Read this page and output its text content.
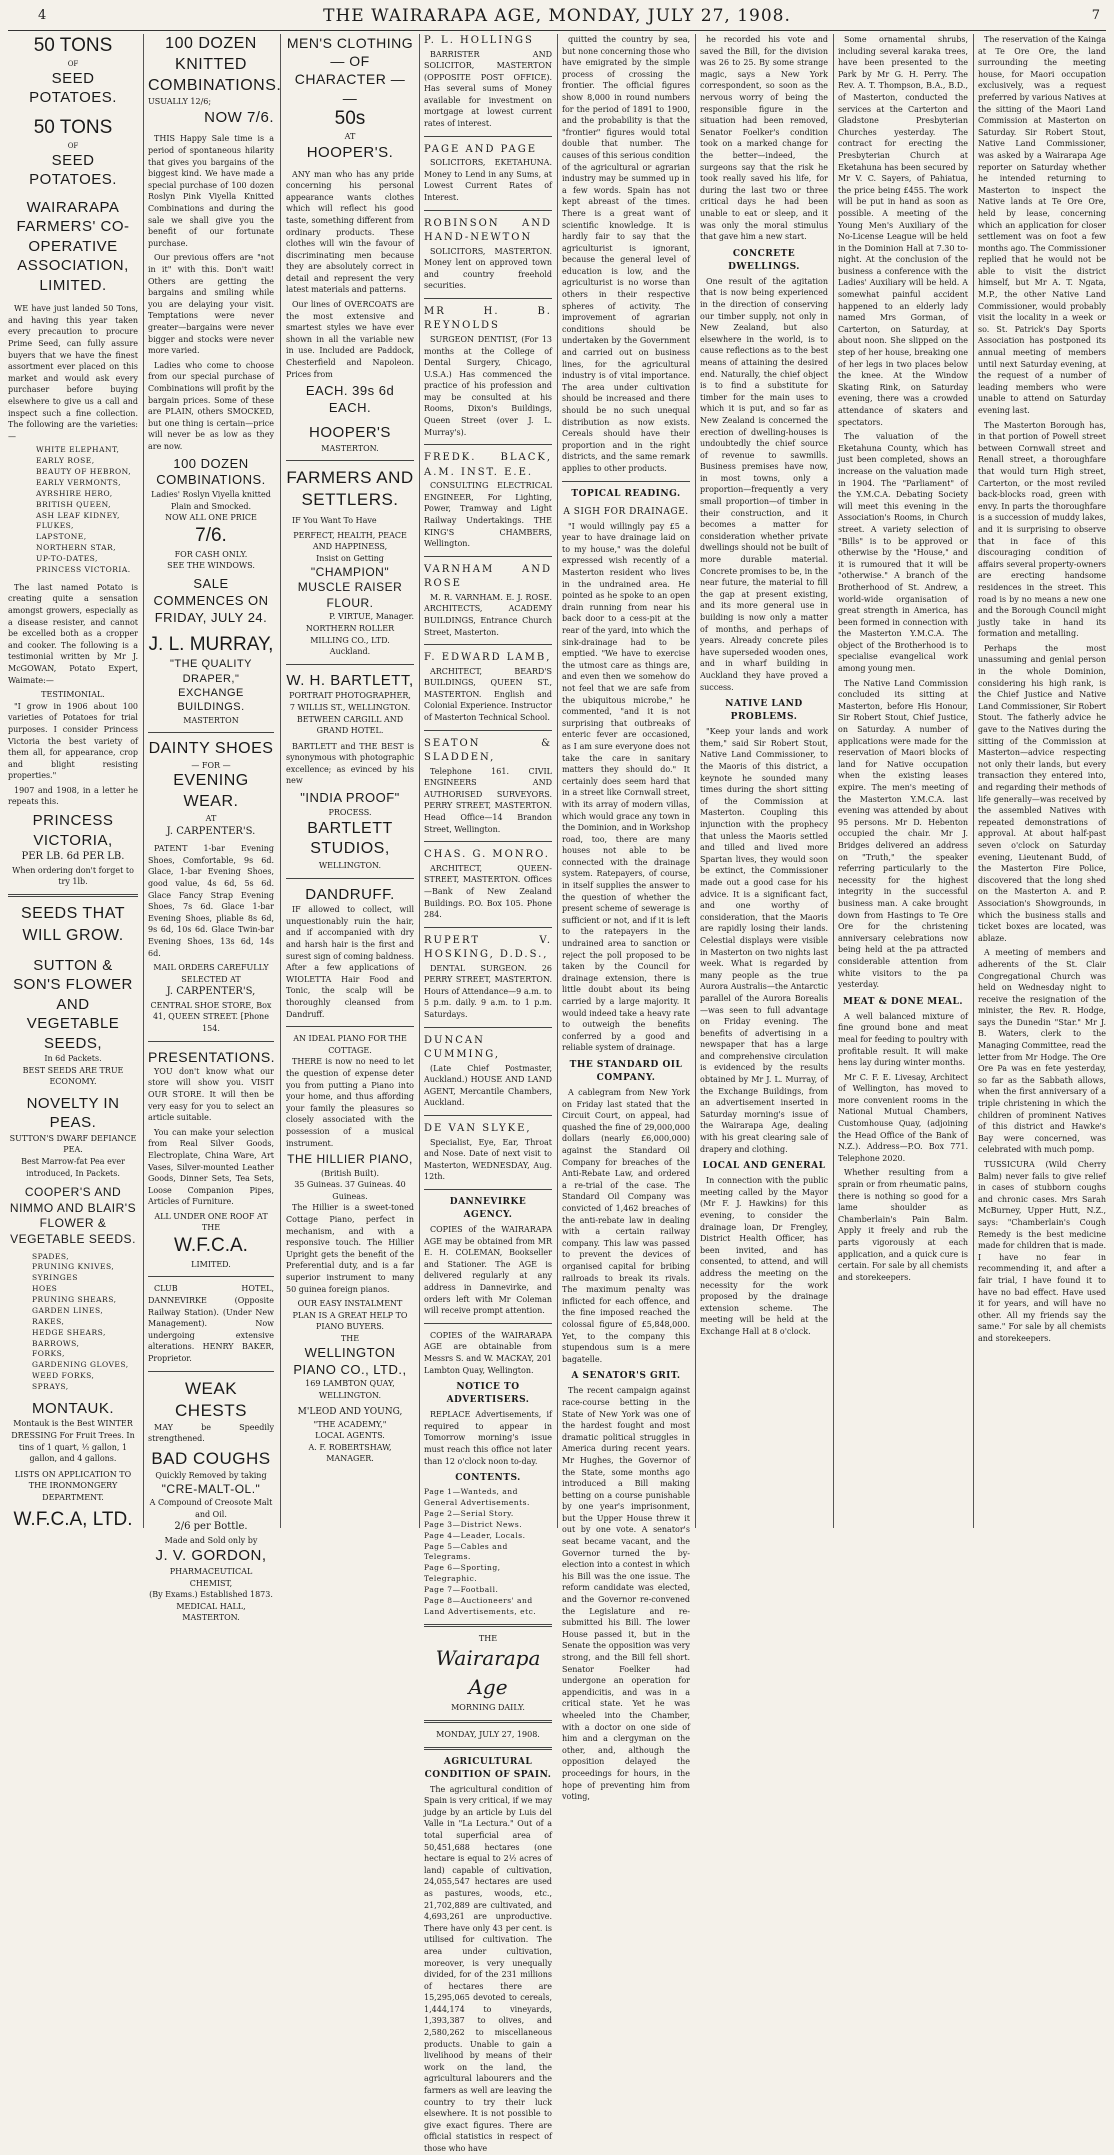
4	THE WAIRARAPA AGE, MONDAY, JULY 27, 1908.	7
50 TONS
OF
SEED POTATOES.
50 TONS
OF
SEED POTATOES.
WAIRARAPA FARMERS' CO-OPERATIVE ASSOCIATION, LIMITED.

WE have just landed 50 Tons, and having this year taken every precaution to procure Prime Seed, can fully assure buyers that we have the finest assortment ever placed on this market and would ask every purchaser before buying elsewhere to give us a call and inspect such a fine collection. The following are the varieties:—

WHITE ELEPHANT,
EARLY ROSE,
BEAUTY OF HEBRON,
EARLY VERMONTS,
AYRSHIRE HERO,
BRITISH QUEEN,
ASH LEAF KIDNEY,
FLUKES,
LAPSTONE,
NORTHERN STAR,
UP-TO-DATES,
PRINCESS VICTORIA.

The last named Potato is creating quite a sensation amongst growers, especially as a disease resister, and cannot be excelled both as a cropper and cooker. The following is a testimonial written by Mr J. McGOWAN, Potato Expert, Waimate:—

TESTIMONIAL.

"I grow in 1906 about 100 varieties of Potatoes for trial purposes. I consider Princess Victoria the best variety of them all, for appearance, crop and blight resisting properties."

1907 and 1908, in a letter he repeats this.

PRINCESS VICTORIA,
PER LB. 6d PER LB.
When ordering don't forget to try 1lb.
SEEDS THAT WILL GROW.
SUTTON & SON'S FLOWER AND VEGETABLE SEEDS,
In 6d Packets.
BEST SEEDS ARE TRUE ECONOMY.
NOVELTY IN PEAS.
SUTTON'S DWARF DEFIANCE PEA.
Best Marrow-fat Pea ever introduced, In Packets.
COOPER'S AND NIMMO AND BLAIR'S FLOWER & VEGETABLE SEEDS.
SPADES,
PRUNING KNIVES,
SYRINGES
HOES
PRUNING SHEARS,
GARDEN LINES,
RAKES,
HEDGE SHEARS,
BARROWS,
FORKS,
GARDENING GLOVES,
WEED FORKS,
SPRAYS,
MONTAUK.
Montauk is the Best WINTER DRESSING For Fruit Trees. In tins of 1 quart, ½ gallon, 1 gallon, and 4 gallons.
LISTS ON APPLICATION TO THE IRONMONGERY DEPARTMENT.
W.F.C.A, LTD.
100 DOZEN KNITTED COMBINATIONS.
USUALLY 12/6;
NOW 7/6.

THIS Happy Sale time is a period of spontaneous hilarity that gives you bargains of the biggest kind. We have made a special purchase of 100 dozen Roslyn Pink Viyella Knitted Combinations and during the sale we shall give you the benefit of our fortunate purchase.

Our previous offers are "not in it" with this. Don't wait! Others are getting the bargains and smiling while you are delaying your visit. Temptations were never greater—bargains were never bigger and stocks were never more varied.

Ladies who come to choose from our special purchase of Combinations will profit by the bargain prices. Some of these are PLAIN, others SMOCKED, but one thing is certain—price will never be as low as they are now.

100 DOZEN COMBINATIONS.
Ladies' Roslyn Viyella knitted Plain and Smocked.
NOW ALL ONE PRICE
7/6.
FOR CASH ONLY.
SEE THE WINDOWS.
SALE COMMENCES ON FRIDAY, JULY 24.
J. L. MURRAY,
"THE QUALITY DRAPER," EXCHANGE BUILDINGS.
MASTERTON
DAINTY SHOES
— FOR —
EVENING WEAR.
AT
J. CARPENTER'S.

PATENT 1-bar Evening Shoes, Comfortable, 9s 6d. Glace, 1-bar Evening Shoes, good value, 4s 6d, 5s 6d. Glace Fancy Strap Evening Shoes, 7s 6d. Glace 1-bar Evening Shoes, pliable 8s 6d, 9s 6d, 10s 6d. Glace Twin-bar Evening Shoes, 13s 6d, 14s 6d.

MAIL ORDERS CAREFULLY SELECTED AT
J. CARPENTER'S,
CENTRAL SHOE STORE, Box 41, QUEEN STREET. [Phone 154.
PRESENTATIONS.

YOU don't know what our store will show you. VISIT OUR STORE. It will then be very easy for you to select an article suitable.

You can make your selection from Real Silver Goods, Electroplate, China Ware, Art Vases, Silver-mounted Leather Goods, Dinner Sets, Tea Sets, Loose Companion Pipes, Articles of Furniture.

ALL UNDER ONE ROOF AT THE
W.F.C.A.
LIMITED.

CLUB HOTEL, DANNEVIRKE (Opposite Railway Station). (Under New Management). Now undergoing extensive alterations. HENRY BAKER, Proprietor.

WEAK CHESTS

MAY be Speedily strengthened.

BAD COUGHS
Quickly Removed by taking
"CRE-MALT-OL."
A Compound of Creosote Malt and Oil.
2/6 per Bottle.
Made and Sold only by
J. V. GORDON,
PHARMACEUTICAL CHEMIST,
(By Exams.) Established 1873.
MEDICAL HALL, MASTERTON.
MEN'S CLOTHING — OF CHARACTER — —
50s
AT
HOOPER'S.

ANY man who has any pride concerning his personal appearance wants clothes which will reflect his good taste, something different from ordinary products. These clothes will win the favour of discriminating men because they are absolutely correct in detail and represent the very latest materials and patterns.

Our lines of OVERCOATS are the most extensive and smartest styles we have ever shown in all the variable new in use. Included are Paddock, Chesterfield and Napoleon. Prices from

EACH. 39s 6d EACH.
HOOPER'S
MASTERTON.
FARMERS AND SETTLERS.

IF You Want To Have

PERFECT, HEALTH, PEACE AND HAPPINESS,
Insist on Getting
"CHAMPION" MUSCLE RAISER FLOUR.
P. VIRTUE, Manager.
NORTHERN ROLLER MILLING CO., LTD.
Auckland.
W. H. BARTLETT,
PORTRAIT PHOTOGRAPHER,
7 WILLIS ST., WELLINGTON.
BETWEEN CARGILL AND GRAND HOTEL.

BARTLETT and THE BEST is synonymous with photographic excellence; as evinced by his new

"INDIA PROOF"
PROCESS.
BARTLETT STUDIOS,
WELLINGTON.
DANDRUFF.

IF allowed to collect, will unquestionably ruin the hair, and if accompanied with dry and harsh hair is the first and surest sign of coming baldness. After a few applications of WIOLETTA Hair Food and Tonic, the scalp will be thoroughly cleansed from Dandruff.

AN IDEAL PIANO FOR THE COTTAGE.

THERE is now no need to let the question of expense deter you from putting a Piano into your home, and thus affording your family the pleasures so closely associated with the possession of a musical instrument.

THE HILLIER PIANO,
(British Built).
35 Guineas. 37 Guineas. 40 Guineas.

The Hillier is a sweet-toned Cottage Piano, perfect in mechanism, and with a responsive touch. The Hillier Upright gets the benefit of the Preferential duty, and is a far superior instrument to many 50 guinea foreign pianos.

OUR EASY INSTALMENT PLAN IS A GREAT HELP TO PIANO BUYERS.
THE
WELLINGTON PIANO CO., LTD.,
169 LAMBTON QUAY, WELLINGTON.
M'LEOD AND YOUNG,
"THE ACADEMY,"
LOCAL AGENTS.
A. F. ROBERTSHAW, MANAGER.
P. L. HOLLINGS

BARRISTER AND SOLICITOR, MASTERTON (OPPOSITE POST OFFICE). Has several sums of Money available for investment on mortgage at lowest current rates of interest.

PAGE AND PAGE

SOLICITORS, EKETAHUNA. Money to Lend in any Sums, at Lowest Current Rates of Interest.

ROBINSON AND HAND-NEWTON

SOLICITORS, MASTERTON. Money lent on approved town and country freehold securities.

MR H. B. REYNOLDS

SURGEON DENTIST, (For 13 months at the College of Dental Surgery, Chicago, U.S.A.) Has commenced the practice of his profession and may be consulted at his Rooms, Dixon's Buildings, Queen Street (over J. L. Murray's).

FREDK. BLACK, A.M. INST. E.E.

CONSULTING ELECTRICAL ENGINEER, For Lighting, Power, Tramway and Light Railway Undertakings. THE KING'S CHAMBERS, Wellington.

VARNHAM AND ROSE

M. R. VARNHAM. E. J. ROSE. ARCHITECTS, ACADEMY BUILDINGS, Entrance Church Street, Masterton.

F. EDWARD LAMB,

ARCHITECT, BEARD'S BUILDINGS, QUEEN ST., MASTERTON. English and Colonial Experience. Instructor of Masterton Technical School.

SEATON & SLADDEN,

Telephone 161. CIVIL ENGINEERS AND AUTHORISED SURVEYORS. PERRY STREET, MASTERTON. Head Office—14 Brandon Street, Wellington.

CHAS. G. MONRO.

ARCHITECT, QUEEN-STREET, MASTERTON. Offices—Bank of New Zealand Buildings. P.O. Box 105. Phone 284.

RUPERT V. HOSKING, D.D.S.,

DENTAL SURGEON. 26 PERRY STREET, MASTERTON. Hours of Attendance—9 a.m. to 5 p.m. daily. 9 a.m. to 1 p.m. Saturdays.

DUNCAN CUMMING,

(Late Chief Postmaster, Auckland.) HOUSE AND LAND AGENT, Mercantile Chambers, Auckland.

DE VAN SLYKE,

Specialist, Eye, Ear, Throat and Nose. Date of next visit to Masterton, WEDNESDAY, Aug. 12th.

DANNEVIRKE AGENCY.

COPIES of the WAIRARAPA AGE may be obtained from MR E. H. COLEMAN, Bookseller and Stationer. The AGE is delivered regularly at any address in Dannevirke, and orders left with Mr Coleman will receive prompt attention.

COPIES of the WAIRARAPA AGE are obtainable from Messrs S. and W. MACKAY, 201 Lambton Quay, Wellington.

NOTICE TO ADVERTISERS.

REPLACE Advertisements, if required to appear in Tomorrow morning's issue must reach this office not later than 12 o'clock noon to-day.

CONTENTS.
Page 1—Wanteds, and General Advertisements.
Page 2—Serial Story.
Page 3—District News.
Page 4—Leader, Locals.
Page 5—Cables and Telegrams.
Page 6—Sporting, Telegraphic.
Page 7—Football.
Page 8—Auctioneers' and Land Advertisements, etc.
THE
Wairarapa Age
MORNING DAILY.
MONDAY, JULY 27, 1908.
AGRICULTURAL CONDITION OF SPAIN.

The agricultural condition of Spain is very critical, if we may judge by an article by Luis del Valle in "La Lectura." Out of a total superficial area of 50,451,688 hectares (one hectare is equal to 2½ acres of land) capable of cultivation, 24,055,547 hectares are used as pastures, woods, etc., 21,702,889 are cultivated, and 4,693,261 are unproductive. There have only 43 per cent. is utilised for cultivation. The area under cultivation, moreover, is very unequally divided, for of the 231 millions of hectares there are 15,295,065 devoted to cereals, 1,444,174 to vineyards, 1,393,387 to olives, and 2,580,262 to miscellaneous products. Unable to gain a livelihood by means of their work on the land, the agricultural labourers and the farmers as well are leaving the country to try their luck elsewhere. It is not possible to give exact figures. There are official statistics in respect of those who have

quitted the country by sea, but none concerning those who have emigrated by the simple process of crossing the frontier. The official figures show 8,000 in round numbers for the period of 1891 to 1900, and the probability is that the "frontier" figures would total double that number. The causes of this serious condition of the agricultural or agrarian industry may be summed up in a few words. Spain has not kept abreast of the times. There is a great want of scientific knowledge. It is hardly fair to say that the agriculturist is ignorant, because the general level of education is low, and the agriculturist is no worse than others in their respective spheres of activity. The improvement of agrarian conditions should be undertaken by the Government and carried out on business lines, for the agricultural industry is of vital importance. The area under cultivation should be increased and there should be no such unequal distribution as now exists. Cereals should have their proportion and in the right districts, and the same remark applies to other products.

TOPICAL READING.
A SIGH FOR DRAINAGE.

"I would willingly pay £5 a year to have drainage laid on to my house," was the doleful expressed wish recently of a Masterton resident who lives in the undrained area. He pointed as he spoke to an open drain running from near his back door to a cess-pit at the rear of the yard, into which the sink-drainage had to be emptied. "We have to exercise the utmost care as things are, and even then we somehow do not feel that we are safe from the ubiquitous microbe," he commented, "and it is not surprising that outbreaks of enteric fever are occasioned, as I am sure everyone does not take the care in sanitary matters they should do." It certainly does seem hard that in a street like Cornwall street, with its array of modern villas, which would grace any town in the Dominion, and in Workshop road, too, there are many houses not able to be connected with the drainage system. Ratepayers, of course, in itself supplies the answer to the question of whether the present scheme of sewerage is sufficient or not, and if it is left to the ratepayers in the undrained area to sanction or reject the poll proposed to be taken by the Council for drainage extension, there is little doubt about its being carried by a large majority. It would indeed take a heavy rate to outweigh the benefits conferred by a good and reliable system of drainage.

THE STANDARD OIL COMPANY.

A cablegram from New York on Friday last stated that the Circuit Court, on appeal, had quashed the fine of 29,000,000 dollars (nearly £6,000,000) against the Standard Oil Company for breaches of the Anti-Rebate Law, and ordered a re-trial of the case. The Standard Oil Company was convicted of 1,462 breaches of the anti-rebate law in dealing with a certain railway company. This law was passed to prevent the devices of organised capital for bribing railroads to break its rivals. The maximum penalty was inflicted for each offence, and the fine imposed reached the colossal figure of £5,848,000. Yet, to the company this stupendous sum is a mere bagatelle.

A SENATOR'S GRIT.

The recent campaign against race-course betting in the State of New York was one of the hardest fought and most dramatic political struggles in America during recent years. Mr Hughes, the Governor of the State, some months ago introduced a Bill making betting on a course punishable by one year's imprisonment, but the Upper House threw it out by one vote. A senator's seat became vacant, and the Governor turned the by-election into a contest in which his Bill was the one issue. The reform candidate was elected, and the Governor re-convened the Legislature and re-submitted his Bill. The lower House passed it, but in the Senate the opposition was very strong, and the Bill fell short. Senator Foelker had undergone an operation for appendicitis, and was in a critical state. Yet he was wheeled into the Chamber, with a doctor on one side of him and a clergyman on the other, and, although the opposition delayed the proceedings for hours, in the hope of preventing him from voting,

he recorded his vote and saved the Bill, for the division was 26 to 25. By some strange magic, says a New York correspondent, so soon as the nervous worry of being the responsible figure in the situation had been removed, Senator Foelker's condition took on a marked change for the better—indeed, the surgeons say that the risk he took really saved his life, for during the last two or three critical days he had been unable to eat or sleep, and it was only the moral stimulus that gave him a new start.

CONCRETE DWELLINGS.

One result of the agitation that is now being experienced in the direction of conserving our timber supply, not only in New Zealand, but also elsewhere in the world, is to cause reflections as to the best means of attaining the desired end. Naturally, the chief object is to find a substitute for timber for the main uses to which it is put, and so far as New Zealand is concerned the erection of dwelling-houses is undoubtedly the chief source of revenue to sawmills. Business premises have now, in most towns, only a proportion—frequently a very small proportion—of timber in their construction, and it becomes a matter for consideration whether private dwellings should not be built of more durable material. Concrete promises to be, in the near future, the material to fill the gap at present existing, and its more general use in building is now only a matter of months, and perhaps of years. Already concrete piles have superseded wooden ones, and in wharf building in Auckland they have proved a success.

NATIVE LAND PROBLEMS.

"Keep your lands and work them," said Sir Robert Stout, Native Land Commissioner, to the Maoris of this district, a keynote he sounded many times during the short sitting of the Commission at Masterton. Coupling this injunction with the prophecy that unless the Maoris settled and tilled and lived more Spartan lives, they would soon be extinct, the Commissioner made out a good case for his advice. It is a significant fact, and one worthy of consideration, that the Maoris are rapidly losing their lands. Celestial displays were visible in Masterton on two nights last week. What is regarded by many people as the true Aurora Australis—the Antarctic parallel of the Aurora Borealis—was seen to full advantage on Friday evening. The benefits of advertising in a newspaper that has a large and comprehensive circulation is evidenced by the results obtained by Mr J. L. Murray, of the Exchange Buildings, from an advertisement inserted in Saturday morning's issue of the Wairarapa Age, dealing with his great clearing sale of drapery and clothing.

LOCAL AND GENERAL

In connection with the public meeting called by the Mayor (Mr F. J. Hawkins) for this evening, to consider the drainage loan, Dr Frengley, District Health Officer, has been invited, and has consented, to attend, and will address the meeting on the necessity for the work proposed by the drainage extension scheme. The meeting will be held at the Exchange Hall at 8 o'clock.

Some ornamental shrubs, including several karaka trees, have been presented to the Park by Mr G. H. Perry. The Rev. A. T. Thompson, B.A., B.D., of Masterton, conducted the services at the Carterton and Gladstone Presbyterian Churches yesterday. The contract for erecting the Presbyterian Church at Eketahuna has been secured by Mr V. C. Sayers, of Pahiatua, the price being £455. The work will be put in hand as soon as possible. A meeting of the Young Men's Auxiliary of the No-License League will be held in the Dominion Hall at 7.30 to-night. At the conclusion of the business a conference with the Ladies' Auxiliary will be held. A somewhat painful accident happened to an elderly lady named Mrs Gorman, of Carterton, on Saturday, at about noon. She slipped on the step of her house, breaking one of her legs in two places below the knee. At the Window Skating Rink, on Saturday evening, there was a crowded attendance of skaters and spectators.

The valuation of the Eketahuna County, which has just been completed, shows an increase on the valuation made in 1904. The "Parliament" of the Y.M.C.A. Debating Society will meet this evening in the Association's Rooms, in Church street. A variety selection of "Bills" is to be approved or otherwise by the "House," and it is rumoured that it will be "otherwise." A branch of the Brotherhood of St. Andrew, a world-wide organisation of great strength in America, has been formed in connection with the Masterton Y.M.C.A. The object of the Brotherhood is to specialise evangelical work among young men.

The Native Land Commission concluded its sitting at Masterton, before His Honour, Sir Robert Stout, Chief Justice, on Saturday. A number of applications were made for the reservation of Maori blocks of land for Native occupation when the existing leases expire. The men's meeting of the Masterton Y.M.C.A. last evening was attended by about 95 persons. Mr D. Hebenton occupied the chair. Mr J. Bridges delivered an address on "Truth," the speaker referring particularly to the necessity for the highest integrity in the successful business man. A cake brought down from Hastings to Te Ore Ore for the christening anniversary celebrations now being held at the pa attracted considerable attention from white visitors to the pa yesterday.

MEAT & DONE MEAL.

A well balanced mixture of fine ground bone and meat meal for feeding to poultry with profitable result. It will make hens lay during winter months.

Mr C. F. E. Livesay, Architect of Wellington, has moved to more convenient rooms in the National Mutual Chambers, Customhouse Quay, (adjoining the Head Office of the Bank of N.Z.). Address—P.O. Box 771. Telephone 2020.

Whether resulting from a sprain or from rheumatic pains, there is nothing so good for a lame shoulder as Chamberlain's Pain Balm. Apply it freely and rub the parts vigorously at each application, and a quick cure is certain. For sale by all chemists and storekeepers.

The reservation of the Kainga at Te Ore Ore, the land surrounding the meeting house, for Maori occupation exclusively, was a request preferred by various Natives at the sitting of the Maori Land Commission at Masterton on Saturday. Sir Robert Stout, Native Land Commissioner, was asked by a Wairarapa Age reporter on Saturday whether he intended returning to Masterton to inspect the Native lands at Te Ore Ore, held by lease, concerning which an application for closer settlement was on foot a few months ago. The Commissioner replied that he would not be able to visit the district himself, but Mr A. T. Ngata, M.P., the other Native Land Commissioner, would probably visit the locality in a week or so. St. Patrick's Day Sports Association has postponed its annual meeting of members until next Saturday evening, at the request of a number of leading members who were unable to attend on Saturday evening last.

The Masterton Borough has, in that portion of Powell street between Cornwall street and Renall street, a thoroughfare that would turn High street, Carterton, or the most reviled back-blocks road, green with envy. In parts the thoroughfare is a succession of muddy lakes, and it is surprising to observe that in face of this discouraging condition of affairs several property-owners are erecting handsome residences in the street. This road is by no means a new one and the Borough Council might justly take in hand its formation and metalling.

Perhaps the most unassuming and genial person in the whole Dominion, considering his high rank, is the Chief Justice and Native Land Commissioner, Sir Robert Stout. The fatherly advice he gave to the Natives during the sitting of the Commission at Masterton—advice respecting not only their lands, but every transaction they entered into, and regarding their methods of life generally—was received by the assembled Natives with repeated demonstrations of approval. At about half-past seven o'clock on Saturday evening, Lieutenant Budd, of the Masterton Fire Police, discovered that the long shed on the Masterton A. and P. Association's Showgrounds, in which the business stalls and ticket boxes are located, was ablaze.

A meeting of members and adherents of the St. Clair Congregational Church was held on Wednesday night to receive the resignation of the minister, the Rev. R. Hodge, says the Dunedin "Star." Mr J. B. Waters, clerk to the Managing Committee, read the letter from Mr Hodge. The Ore Ore Pa was en fete yesterday, so far as the Sabbath allows, when the first anniversary of a triple christening in which the children of prominent Natives of this district and Hawke's Bay were concerned, was celebrated with much pomp.

TUSSICURA (Wild Cherry Balm) never fails to give relief in cases of stubborn coughs and chronic cases. Mrs Sarah McBurney, Upper Hutt, N.Z., says: "Chamberlain's Cough Remedy is the best medicine made for children that is made. I have no fear in recommending it, and after a fair trial, I have found it to have no bad effect. Have used it for years, and will have no other. All my friends say the same." For sale by all chemists and storekeepers.
